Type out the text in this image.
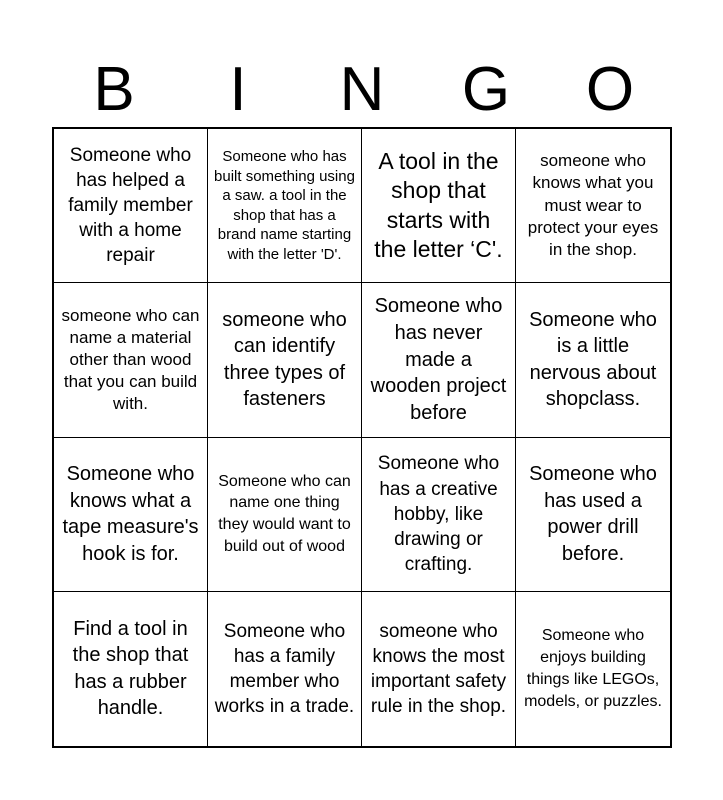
B	I	N	G	O
Someone who has helped a family member with a home repair
Someone who has built something using a saw. a tool in the shop that has a brand name starting with the letter 'D'.
A tool in the shop that starts with the letter ‘C'.
someone who knows what you must wear to protect your eyes in the shop.
someone who can name a material other than wood that you can build with.
someone who can identify three types of fasteners
Someone who has never made a wooden project before
Someone who is a little nervous about shopclass.
Someone who knows what a tape measure's hook is for.
Someone who can name one thing they would want to build out of wood
Someone who has a creative hobby, like drawing or crafting.
Someone who has used a power drill before.
Find a tool in the shop that has a rubber handle.
Someone who has a family member who works in a trade.
someone who knows the most important safety rule in the shop.
Someone who enjoys building things like LEGOs, models, or puzzles.
